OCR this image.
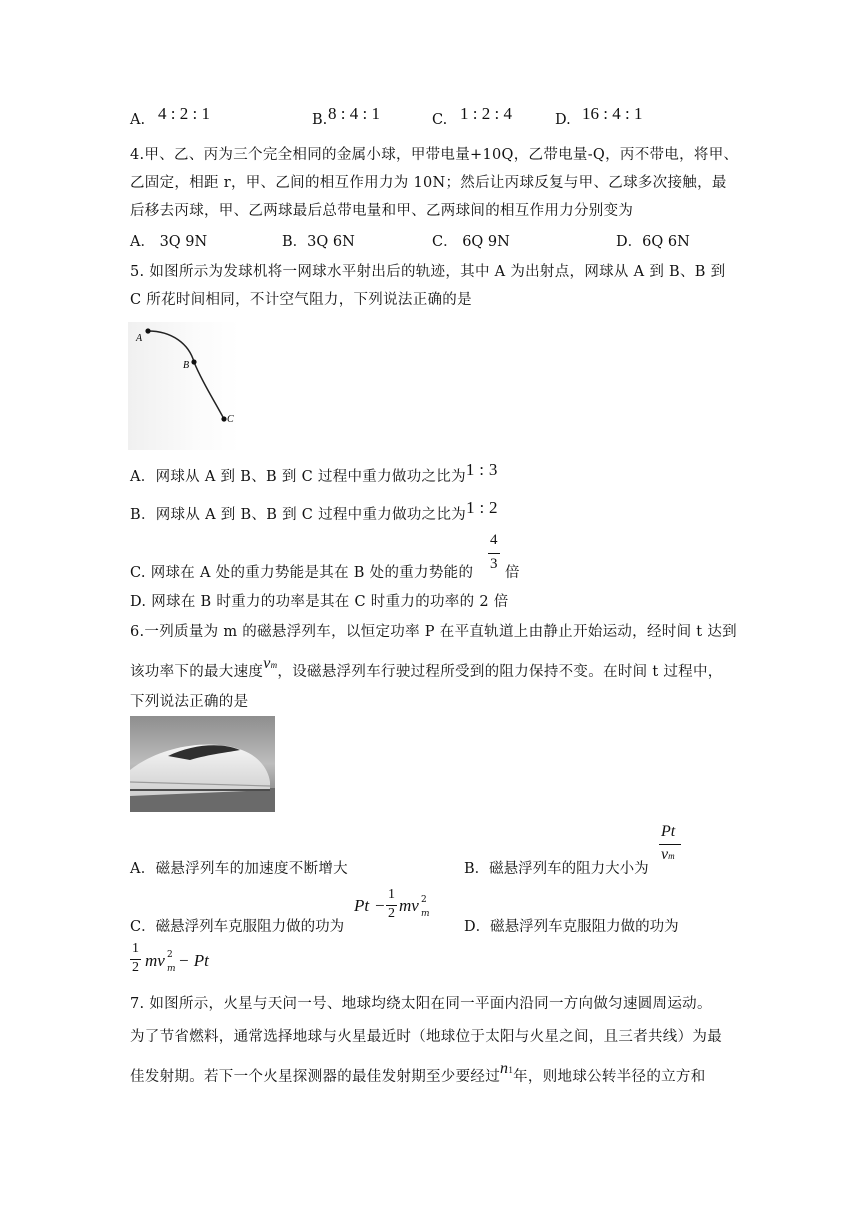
A. 4 : 2 : 1	B. 8 : 4 : 1	C. 1 : 2 : 4	D. 16 : 4 : 1
4.甲、乙、丙为三个完全相同的金属小球，甲带电量+10Q，乙带电量-Q，丙不带电，将甲、
乙固定，相距 r，甲、乙间的相互作用力为 10N；然后让丙球反复与甲、乙球多次接触，最
后移去丙球，甲、乙两球最后总带电量和甲、乙两球间的相互作用力分别变为
A． 3Q 9N	B．3Q 6N	C． 6Q 9N	D．6Q 6N
5. 如图所示为发球机将一网球水平射出后的轨迹，其中 A 为出射点，网球从 A 到 B、B 到
C 所花时间相同，不计空气阻力，下列说法正确的是
A
B
C
A．网球从 A 到 B、B 到 C 过程中重力做功之比为1 : 3
B．网球从 A 到 B、B 到 C 过程中重力做功之比为1 : 2
C. 网球在 A 处的重力势能是其在 B 处的重力势能的
4
3
倍
D. 网球在 B 时重力的功率是其在 C 时重力的功率的 2 倍
6.一列质量为 m 的磁悬浮列车，以恒定功率 P 在平直轨道上由静止开始运动，经时间 t 达到
该功率下的最大速度vm，设磁悬浮列车行驶过程所受到的阻力保持不变。在时间 t 过程中，
下列说法正确的是
A．磁悬浮列车的加速度不断增大	B．磁悬浮列车的阻力大小为
Pt
vm
C．磁悬浮列车克服阻力做的功为
Pt −
1
2 mv m
2
D．磁悬浮列车克服阻力做的功为
1
2 mv m
2 − Pt
7. 如图所示，火星与天问一号、地球均绕太阳在同一平面内沿同一方向做匀速圆周运动。
为了节省燃料，通常选择地球与火星最近时（地球位于太阳与火星之间，且三者共线）为最
佳发射期。若下一个火星探测器的最佳发射期至少要经过n1年，则地球公转半径的立方和
